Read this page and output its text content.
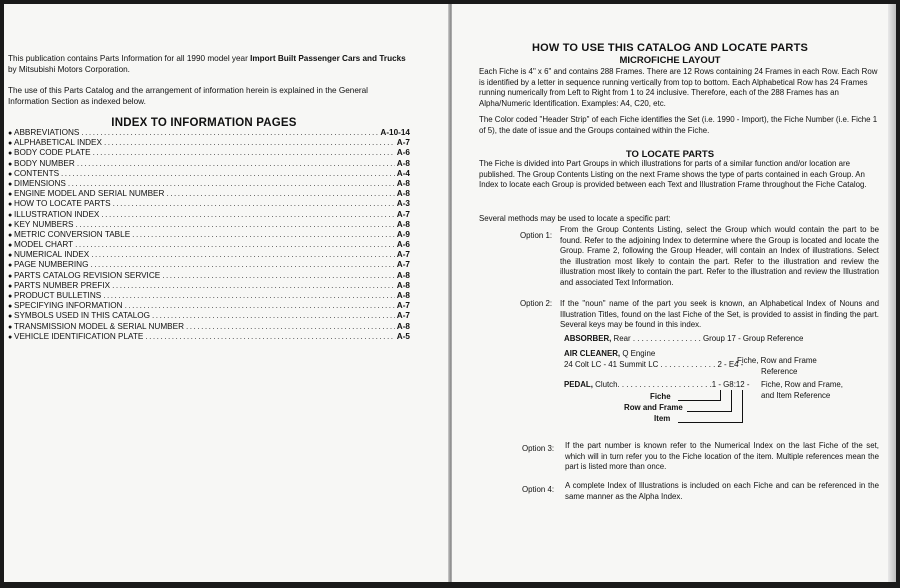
This publication contains Parts Information for all 1990 model year Import Built Passenger Cars and Trucks by Mitsubishi Motors Corporation.

The use of this Parts Catalog and the arrangement of information herein is explained in the General Information Section as indexed below.

INDEX TO INFORMATION PAGES
● ABBREVIATIONS .....	A-10-14
● ALPHABETICAL INDEX .....	A-7
● BODY CODE PLATE .....	A-6
● BODY NUMBER .....	A-8
● CONTENTS .....	A-4
● DIMENSIONS .....	A-8
● ENGINE MODEL AND SERIAL NUMBER .....	A-8
● HOW TO LOCATE PARTS .....	A-3
● ILLUSTRATION INDEX .....	A-7
● KEY NUMBERS .....	A-8
● METRIC CONVERSION TABLE .....	A-9
● MODEL CHART .....	A-6
● NUMERICAL INDEX .....	A-7
● PAGE NUMBERING .....	A-7
● PARTS CATALOG REVISION SERVICE .....	A-8
● PARTS NUMBER PREFIX .....	A-8
● PRODUCT BULLETINS .....	A-8
● SPECIFYING INFORMATION .....	A-7
● SYMBOLS USED IN THIS CATALOG .....	A-7
● TRANSMISSION MODEL & SERIAL NUMBER .....	A-8
● VEHICLE IDENTIFICATION PLATE .....	A-5
HOW TO USE THIS CATALOG AND LOCATE PARTS
MICROFICHE LAYOUT

Each Fiche is 4" x 6" and contains 288 Frames. There are 12 Rows containing 24 Frames in each Row. Each Row is identified by a letter in sequence running vertically from top to bottom. Each Alphabetical Row has 24 Frames running numerically from Left to Right from 1 to 24 inclusive. Therefore, each of the 288 Frames has an Alpha/Numeric Identification. Examples: A4, C20, etc.

The Color coded "Header Strip" of each Fiche identifies the Set (i.e. 1990 - Import), the Fiche Number (i.e. Fiche 1 of 5), the date of issue and the Groups contained within the Fiche.

TO LOCATE PARTS

The Fiche is divided into Part Groups in which illustrations for parts of a similar function and/or location are published. The Group Contents Listing on the next Frame shows the type of parts contained in each Group. An Index to locate each Group is provided between each Text and Illustration Frame throughout the Fiche Catalog.

Several methods may be used to locate a specific part:

Option 1:

From the Group Contents Listing, select the Group which would contain the part to be found. Refer to the adjoining Index to determine where the Group is located and locate the Group. Frame 2, following the Group Header, will contain an Index of illustrations. Select the illustration most likely to contain the part. Refer to the illustration and review the illustration most likely to contain the part. Refer to the illustration and review the Illustration and associated Text Information.

Option 2: If the "noun" name of the part you seek is known, an Alphabetical Index of Nouns and Illustration Titles, found on the last Fiche of the Set, is provided to assist in finding the part. Several keys may be found in this index.

ABSORBER, Rear . . . . . . . . . . . . . . . . Group 17 - Group Reference

AIR CLEANER, Q Engine

24 Colt LC - 41 Summit LC . . . . . . . . . . . . . 2 - E4 -

Fiche, Row and Frame

Reference

PEDAL, Clutch. . . . . . . . . . . . . . . . . . . . . .1 - G8:12 - Fiche, Row and Frame,

and Item Reference

Fiche

Row and Frame

Item

Option 3: If the part number is known refer to the Numerical Index on the last Fiche of the set, which will in turn refer you to the Fiche location of the item. Multiple references mean the part is listed more than once.

Option 4: A complete Index of Illustrations is included on each Fiche and can be referenced in the same manner as the Alpha Index.
